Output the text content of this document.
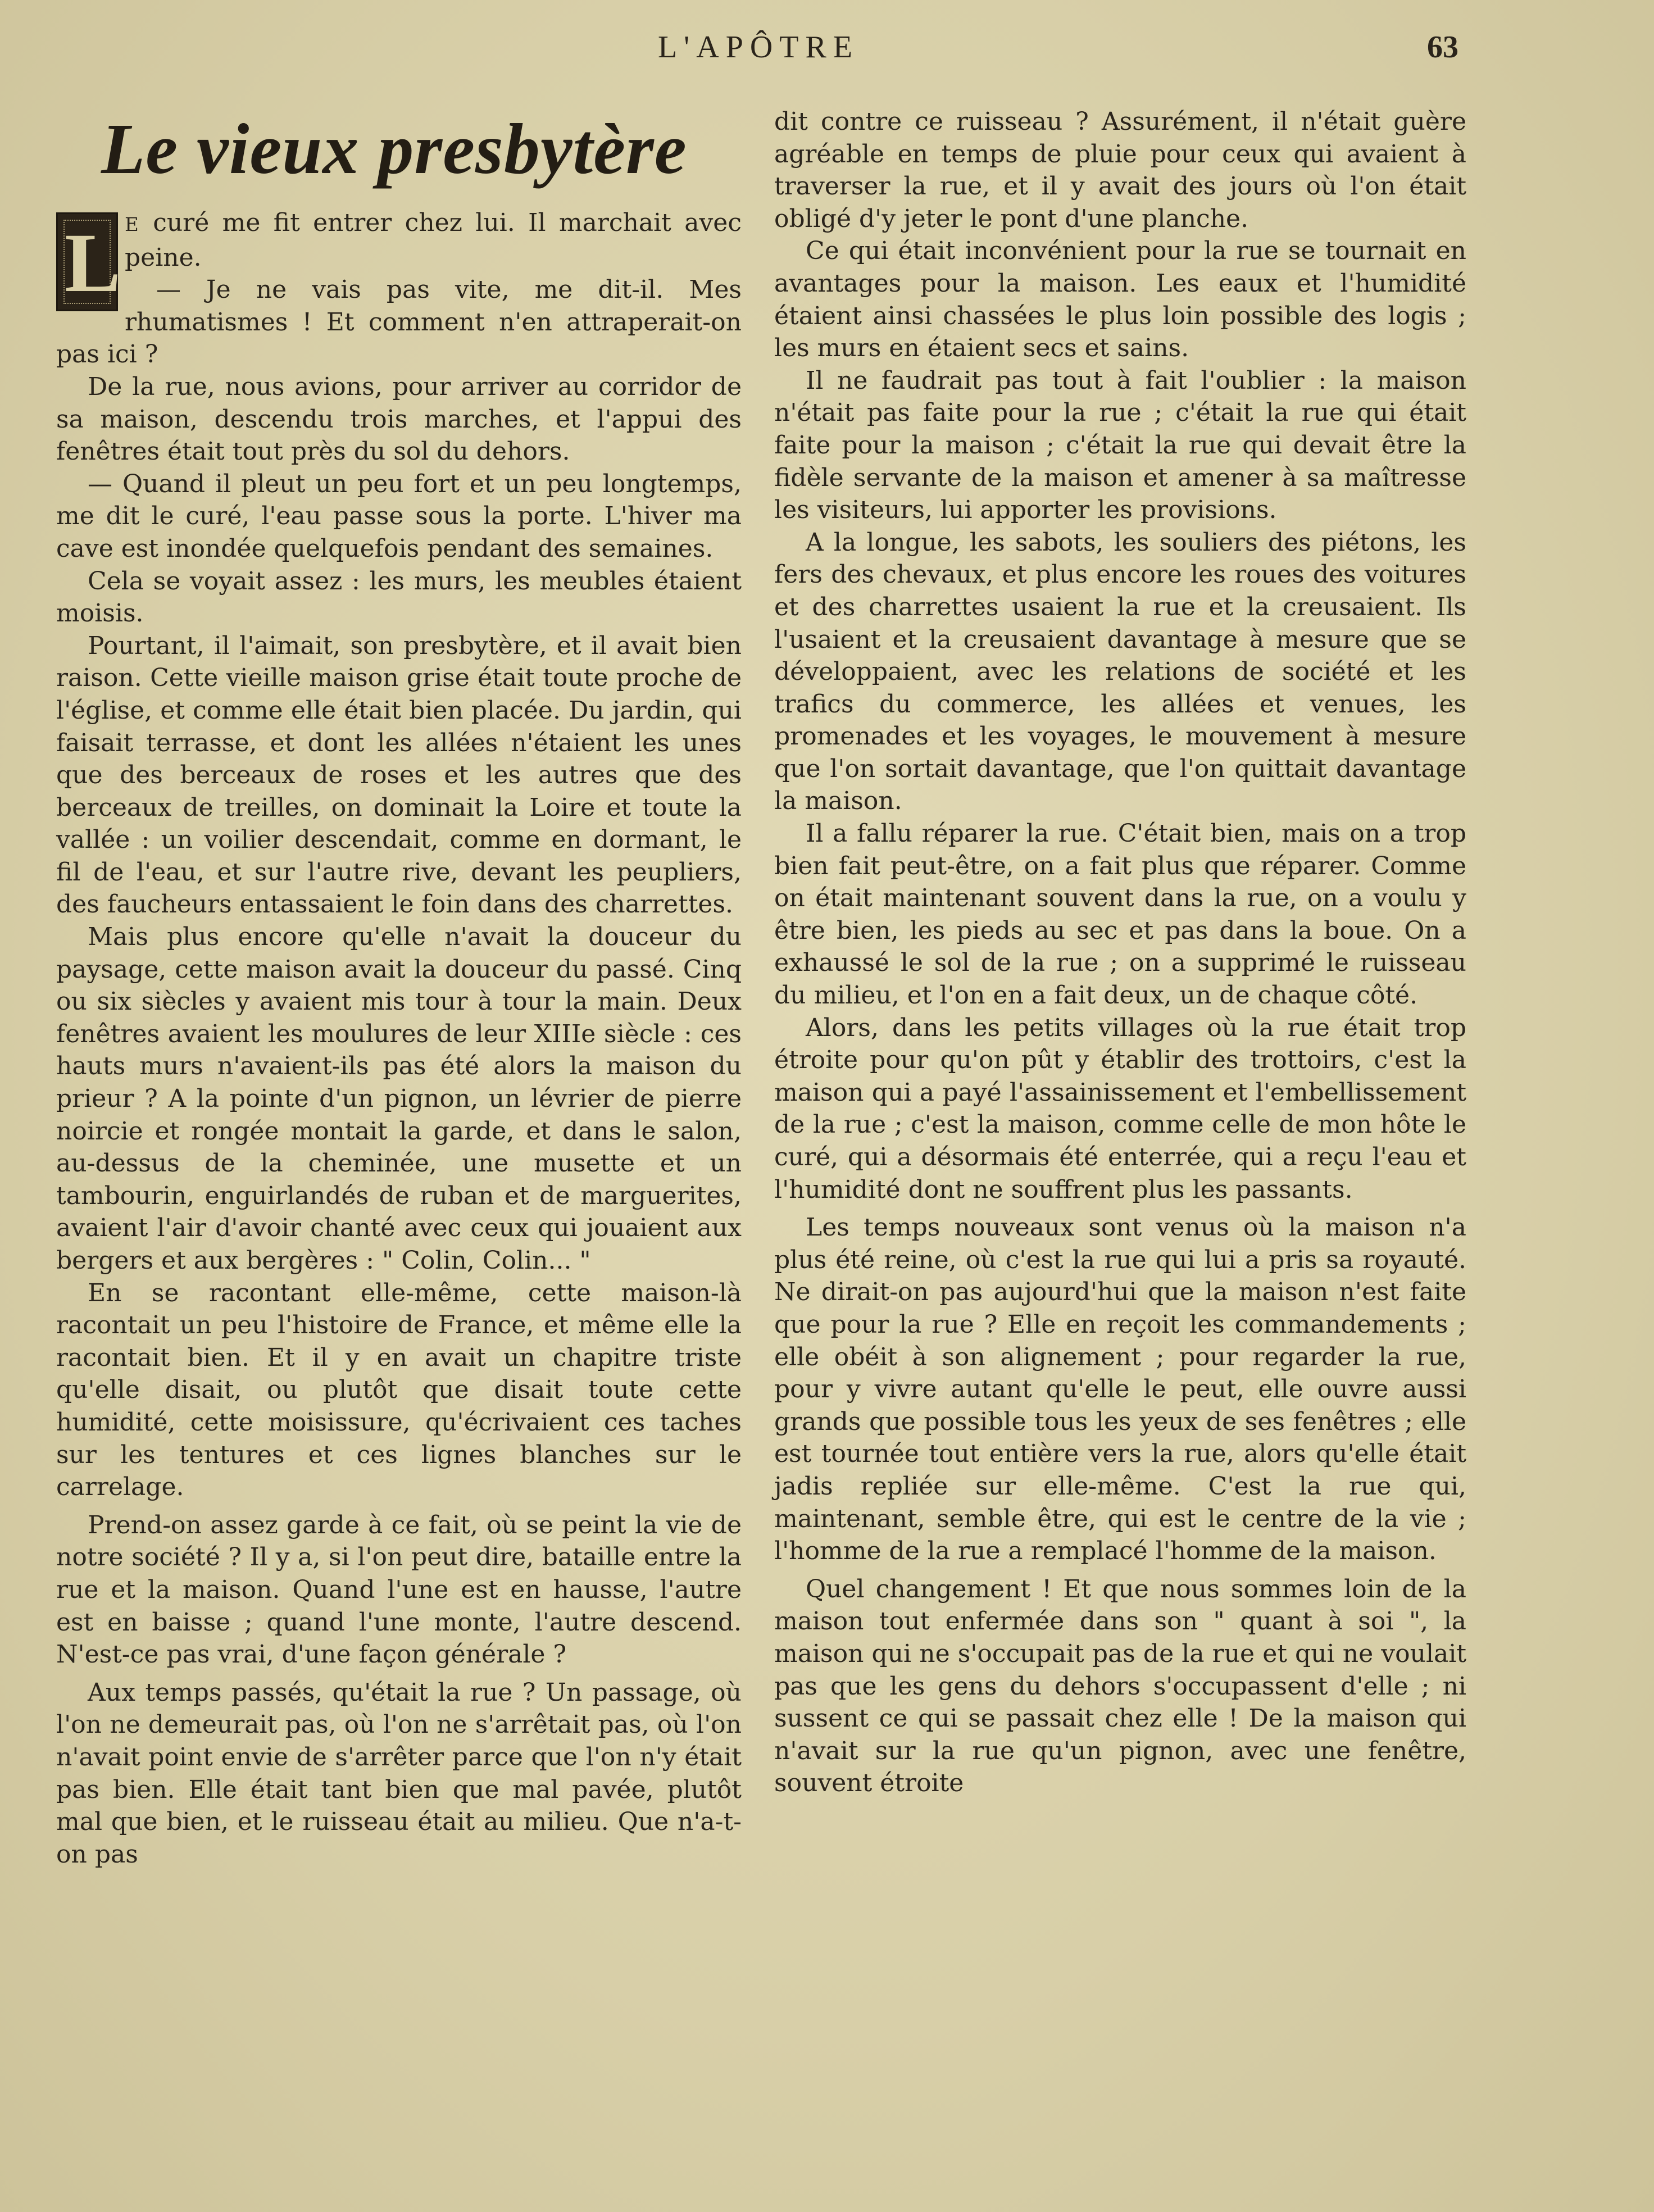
L'APÔTRE	63
Le vieux presbytère

L E curé me fit entrer chez lui. Il marchait avec peine.

— Je ne vais pas vite, me dit-il. Mes rhumatismes ! Et comment n'en attraperait-on pas ici ?

De la rue, nous avions, pour arriver au corridor de sa maison, descendu trois marches, et l'appui des fenêtres était tout près du sol du dehors.

— Quand il pleut un peu fort et un peu longtemps, me dit le curé, l'eau passe sous la porte. L'hiver ma cave est inondée quelquefois pendant des semaines.

Cela se voyait assez : les murs, les meubles étaient moisis.

Pourtant, il l'aimait, son presbytère, et il avait bien raison. Cette vieille maison grise était toute proche de l'église, et comme elle était bien placée. Du jardin, qui faisait terrasse, et dont les allées n'étaient les unes que des berceaux de roses et les autres que des berceaux de treilles, on dominait la Loire et toute la vallée : un voilier descendait, comme en dormant, le fil de l'eau, et sur l'autre rive, devant les peupliers, des faucheurs entassaient le foin dans des charrettes.

Mais plus encore qu'elle n'avait la douceur du paysage, cette maison avait la douceur du passé. Cinq ou six siècles y avaient mis tour à tour la main. Deux fenêtres avaient les moulures de leur XIIIe siècle : ces hauts murs n'avaient-ils pas été alors la maison du prieur ? A la pointe d'un pignon, un lévrier de pierre noircie et rongée montait la garde, et dans le salon, au-dessus de la cheminée, une musette et un tambourin, enguirlandés de ruban et de marguerites, avaient l'air d'avoir chanté avec ceux qui jouaient aux bergers et aux bergères : " Colin, Colin... "

En se racontant elle-même, cette maison-là racontait un peu l'histoire de France, et même elle la racontait bien. Et il y en avait un chapitre triste qu'elle disait, ou plutôt que disait toute cette humidité, cette moisissure, qu'écrivaient ces taches sur les tentures et ces lignes blanches sur le carrelage.

Prend-on assez garde à ce fait, où se peint la vie de notre société ? Il y a, si l'on peut dire, bataille entre la rue et la maison. Quand l'une est en hausse, l'autre est en baisse ; quand l'une monte, l'autre descend. N'est-ce pas vrai, d'une façon générale ?

Aux temps passés, qu'était la rue ? Un passage, où l'on ne demeurait pas, où l'on ne s'arrêtait pas, où l'on n'avait point envie de s'arrêter parce que l'on n'y était pas bien. Elle était tant bien que mal pavée, plutôt mal que bien, et le ruisseau était au milieu. Que n'a-t-on pas

dit contre ce ruisseau ? Assurément, il n'était guère agréable en temps de pluie pour ceux qui avaient à traverser la rue, et il y avait des jours où l'on était obligé d'y jeter le pont d'une planche.

Ce qui était inconvénient pour la rue se tournait en avantages pour la maison. Les eaux et l'humidité étaient ainsi chassées le plus loin possible des logis ; les murs en étaient secs et sains.

Il ne faudrait pas tout à fait l'oublier : la maison n'était pas faite pour la rue ; c'était la rue qui était faite pour la maison ; c'était la rue qui devait être la fidèle servante de la maison et amener à sa maîtresse les visiteurs, lui apporter les provisions.

A la longue, les sabots, les souliers des piétons, les fers des chevaux, et plus encore les roues des voitures et des charrettes usaient la rue et la creusaient. Ils l'usaient et la creusaient davantage à mesure que se développaient, avec les relations de société et les trafics du commerce, les allées et venues, les promenades et les voyages, le mouvement à mesure que l'on sortait davantage, que l'on quittait davantage la maison.

Il a fallu réparer la rue. C'était bien, mais on a trop bien fait peut-être, on a fait plus que réparer. Comme on était maintenant souvent dans la rue, on a voulu y être bien, les pieds au sec et pas dans la boue. On a exhaussé le sol de la rue ; on a supprimé le ruisseau du milieu, et l'on en a fait deux, un de chaque côté.

Alors, dans les petits villages où la rue était trop étroite pour qu'on pût y établir des trottoirs, c'est la maison qui a payé l'assainissement et l'embellissement de la rue ; c'est la maison, comme celle de mon hôte le curé, qui a désormais été enterrée, qui a reçu l'eau et l'humidité dont ne souffrent plus les passants.

Les temps nouveaux sont venus où la maison n'a plus été reine, où c'est la rue qui lui a pris sa royauté. Ne dirait-on pas aujourd'hui que la maison n'est faite que pour la rue ? Elle en reçoit les commandements ; elle obéit à son alignement ; pour regarder la rue, pour y vivre autant qu'elle le peut, elle ouvre aussi grands que possible tous les yeux de ses fenêtres ; elle est tournée tout entière vers la rue, alors qu'elle était jadis repliée sur elle-même. C'est la rue qui, maintenant, semble être, qui est le centre de la vie ; l'homme de la rue a remplacé l'homme de la maison.

Quel changement ! Et que nous sommes loin de la maison tout enfermée dans son " quant à soi ", la maison qui ne s'occupait pas de la rue et qui ne voulait pas que les gens du dehors s'occupassent d'elle ; ni sussent ce qui se passait chez elle ! De la maison qui n'avait sur la rue qu'un pignon, avec une fenêtre, souvent étroite
